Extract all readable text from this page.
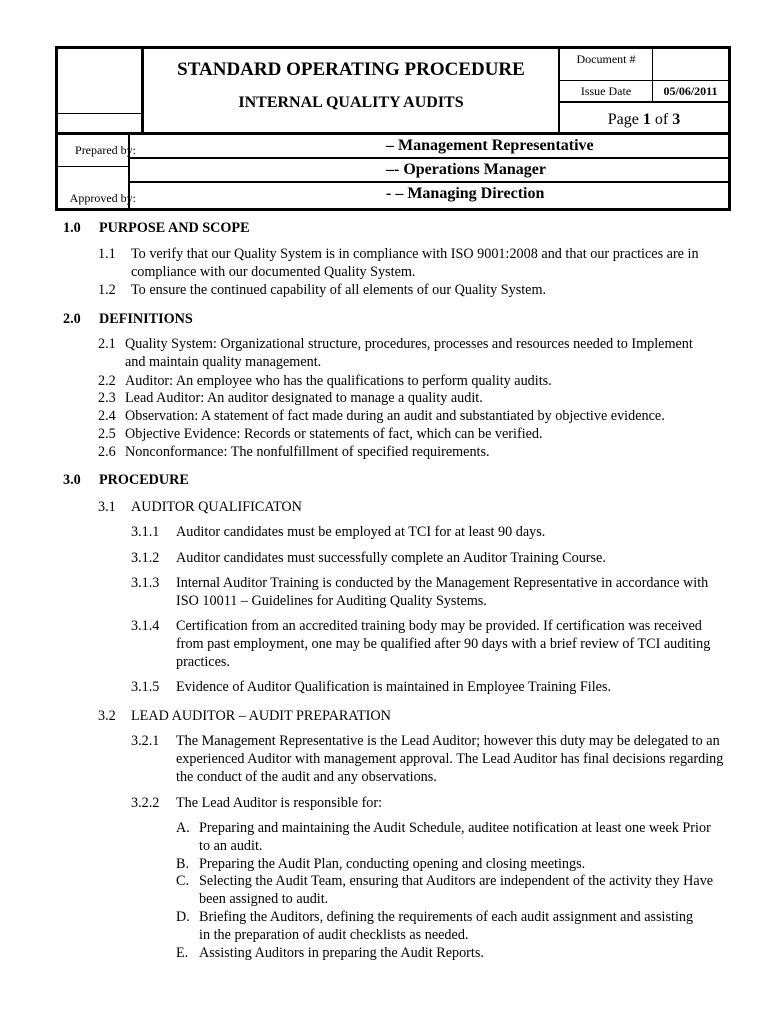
STANDARD OPERATING PROCEDURE
INTERNAL QUALITY AUDITS
Document #
Issue Date	05/06/2011
Page 1 of 3
Prepared by:
Approved by:
– Management Representative
–- Operations Manager
- – Managing Direction
1.0 PURPOSE AND SCOPE
1.1 To verify that our Quality System is in compliance with ISO 9001:2008 and that our practices are in compliance with our documented Quality System.
1.2 To ensure the continued capability of all elements of our Quality System.
2.0 DEFINITIONS
2.1 Quality System: Organizational structure, procedures, processes and resources needed to Implement and maintain quality management.
2.2 Auditor: An employee who has the qualifications to perform quality audits.
2.3 Lead Auditor: An auditor designated to manage a quality audit.
2.4 Observation: A statement of fact made during an audit and substantiated by objective evidence.
2.5 Objective Evidence: Records or statements of fact, which can be verified.
2.6 Nonconformance: The nonfulfillment of specified requirements.
3.0 PROCEDURE
3.1 AUDITOR QUALIFICATON
3.1.1 Auditor candidates must be employed at TCI for at least 90 days.
3.1.2 Auditor candidates must successfully complete an Auditor Training Course.
3.1.3 Internal Auditor Training is conducted by the Management Representative in accordance with ISO 10011 – Guidelines for Auditing Quality Systems.
3.1.4 Certification from an accredited training body may be provided. If certification was received from past employment, one may be qualified after 90 days with a brief review of TCI auditing practices.
3.1.5 Evidence of Auditor Qualification is maintained in Employee Training Files.
3.2 LEAD AUDITOR – AUDIT PREPARATION
3.2.1 The Management Representative is the Lead Auditor; however this duty may be delegated to an experienced Auditor with management approval. The Lead Auditor has final decisions regarding the conduct of the audit and any observations.
3.2.2 The Lead Auditor is responsible for:
A. Preparing and maintaining the Audit Schedule, auditee notification at least one week Prior to an audit.
B. Preparing the Audit Plan, conducting opening and closing meetings.
C. Selecting the Audit Team, ensuring that Auditors are independent of the activity they Have been assigned to audit.
D. Briefing the Auditors, defining the requirements of each audit assignment and assisting in the preparation of audit checklists as needed.
E. Assisting Auditors in preparing the Audit Reports.
